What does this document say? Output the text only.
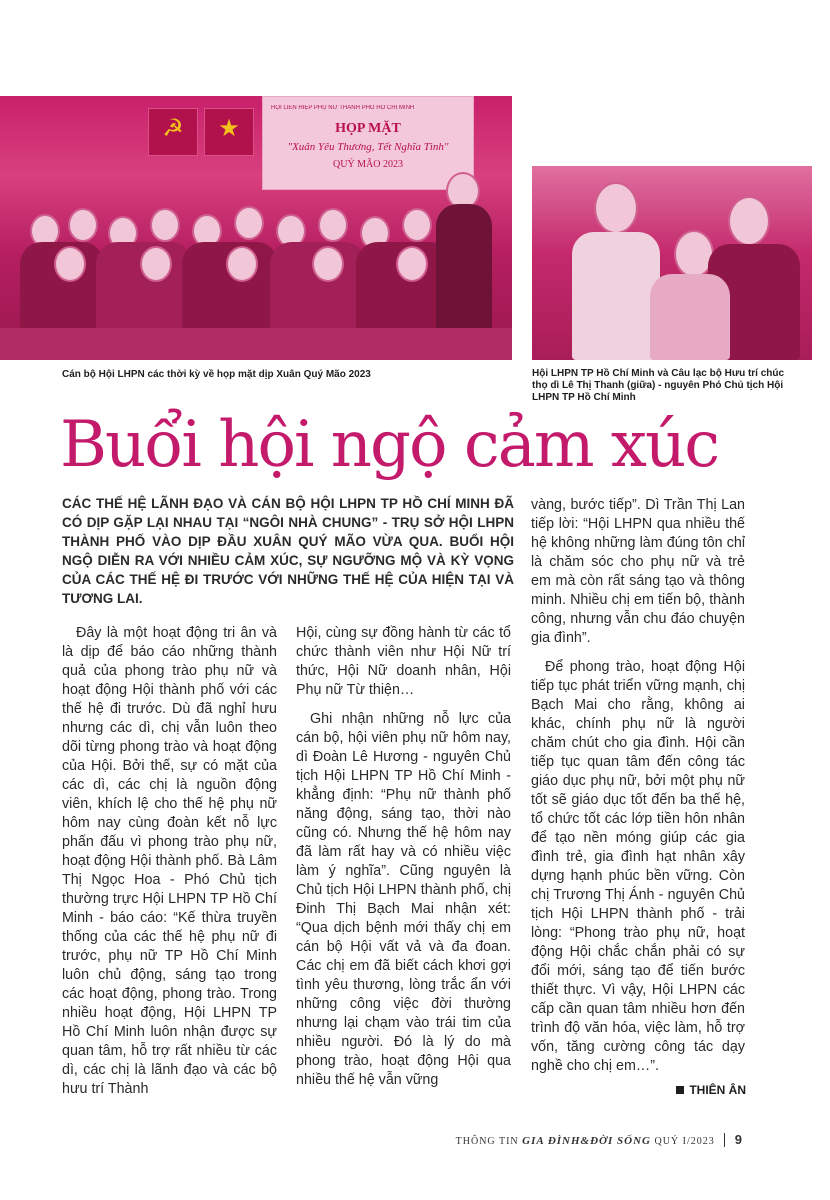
☭	★
HỘI LIÊN HIỆP PHỤ NỮ THÀNH PHỐ HỒ CHÍ MINH
HỌP MẶT
"Xuân Yêu Thương, Tết Nghĩa Tình"
QUÝ MÃO 2023
Cán bộ Hội LHPN các thời kỳ về họp mặt dịp Xuân Quý Mão 2023	Hội LHPN TP Hồ Chí Minh và Câu lạc bộ Hưu trí chúc thọ dì Lê Thị Thanh (giữa) - nguyên Phó Chủ tịch Hội LHPN TP Hồ Chí Minh
Buổi hội ngộ cảm xúc
CÁC THẾ HỆ LÃNH ĐẠO VÀ CÁN BỘ HỘI LHPN TP HỒ CHÍ MINH ĐÃ CÓ DỊP GẶP LẠI NHAU TẠI “NGÔI NHÀ CHUNG” - TRỤ SỞ HỘI LHPN THÀNH PHỐ VÀO DỊP ĐẦU XUÂN QUÝ MÃO VỪA QUA. BUỔI HỘI NGỘ DIỄN RA VỚI NHIỀU CẢM XÚC, SỰ NGƯỠNG MỘ VÀ KỲ VỌNG CỦA CÁC THẾ HỆ ĐI TRƯỚC VỚI NHỮNG THẾ HỆ CỦA HIỆN TẠI VÀ TƯƠNG LAI.

Đây là một hoạt động tri ân và là dịp để báo cáo những thành quả của phong trào phụ nữ và hoạt động Hội thành phố với các thế hệ đi trước. Dù đã nghỉ hưu nhưng các dì, chị vẫn luôn theo dõi từng phong trào và hoạt động của Hội. Bởi thế, sự có mặt của các dì, các chị là nguồn động viên, khích lệ cho thế hệ phụ nữ hôm nay cùng đoàn kết nỗ lực phấn đấu vì phong trào phụ nữ, hoạt động Hội thành phố. Bà Lâm Thị Ngọc Hoa - Phó Chủ tịch thường trực Hội LHPN TP Hồ Chí Minh - báo cáo: “Kế thừa truyền thống của các thế hệ phụ nữ đi trước, phụ nữ TP Hồ Chí Minh luôn chủ động, sáng tạo trong các hoạt động, phong trào. Trong nhiều hoạt động, Hội LHPN TP Hồ Chí Minh luôn nhận được sự quan tâm, hỗ trợ rất nhiều từ các dì, các chị là lãnh đạo và các bộ hưu trí Thành

Hội, cùng sự đồng hành từ các tổ chức thành viên như Hội Nữ trí thức, Hội Nữ doanh nhân, Hội Phụ nữ Từ thiện…

Ghi nhận những nỗ lực của cán bộ, hội viên phụ nữ hôm nay, dì Đoàn Lê Hương - nguyên Chủ tịch Hội LHPN TP Hồ Chí Minh - khẳng định: “Phụ nữ thành phố năng động, sáng tạo, thời nào cũng có. Nhưng thế hệ hôm nay đã làm rất hay và có nhiều việc làm ý nghĩa”. Cũng nguyên là Chủ tịch Hội LHPN thành phố, chị Đinh Thị Bạch Mai nhận xét: “Qua dịch bệnh mới thấy chị em cán bộ Hội vất vả và đa đoan. Các chị em đã biết cách khơi gợi tình yêu thương, lòng trắc ẩn với những công việc đời thường nhưng lại chạm vào trái tim của nhiều người. Đó là lý do mà phong trào, hoạt động Hội qua nhiều thế hệ vẫn vững

vàng, bước tiếp”. Dì Trần Thị Lan tiếp lời: “Hội LHPN qua nhiều thế hệ không những làm đúng tôn chỉ là chăm sóc cho phụ nữ và trẻ em mà còn rất sáng tạo và thông minh. Nhiều chị em tiến bộ, thành công, nhưng vẫn chu đáo chuyện gia đình”.

Để phong trào, hoạt động Hội tiếp tục phát triển vững mạnh, chị Bạch Mai cho rằng, không ai khác, chính phụ nữ là người chăm chút cho gia đình. Hội cần tiếp tục quan tâm đến công tác giáo dục phụ nữ, bởi một phụ nữ tốt sẽ giáo dục tốt đến ba thế hệ, tổ chức tốt các lớp tiền hôn nhân để tạo nền móng giúp các gia đình trẻ, gia đình hạt nhân xây dựng hạnh phúc bền vững. Còn chị Trương Thị Ánh - nguyên Chủ tịch Hội LHPN thành phố - trải lòng: “Phong trào phụ nữ, hoạt động Hội chắc chắn phải có sự đổi mới, sáng tạo để tiến bước thiết thực. Vì vậy, Hội LHPN các cấp cần quan tâm nhiều hơn đến trình độ văn hóa, việc làm, hỗ trợ vốn, tăng cường công tác dạy nghề cho chị em…”.

THIÊN ÂN
THÔNG TIN GIA ĐÌNH&ĐỜI SỐNG QUÝ I/2023 9
